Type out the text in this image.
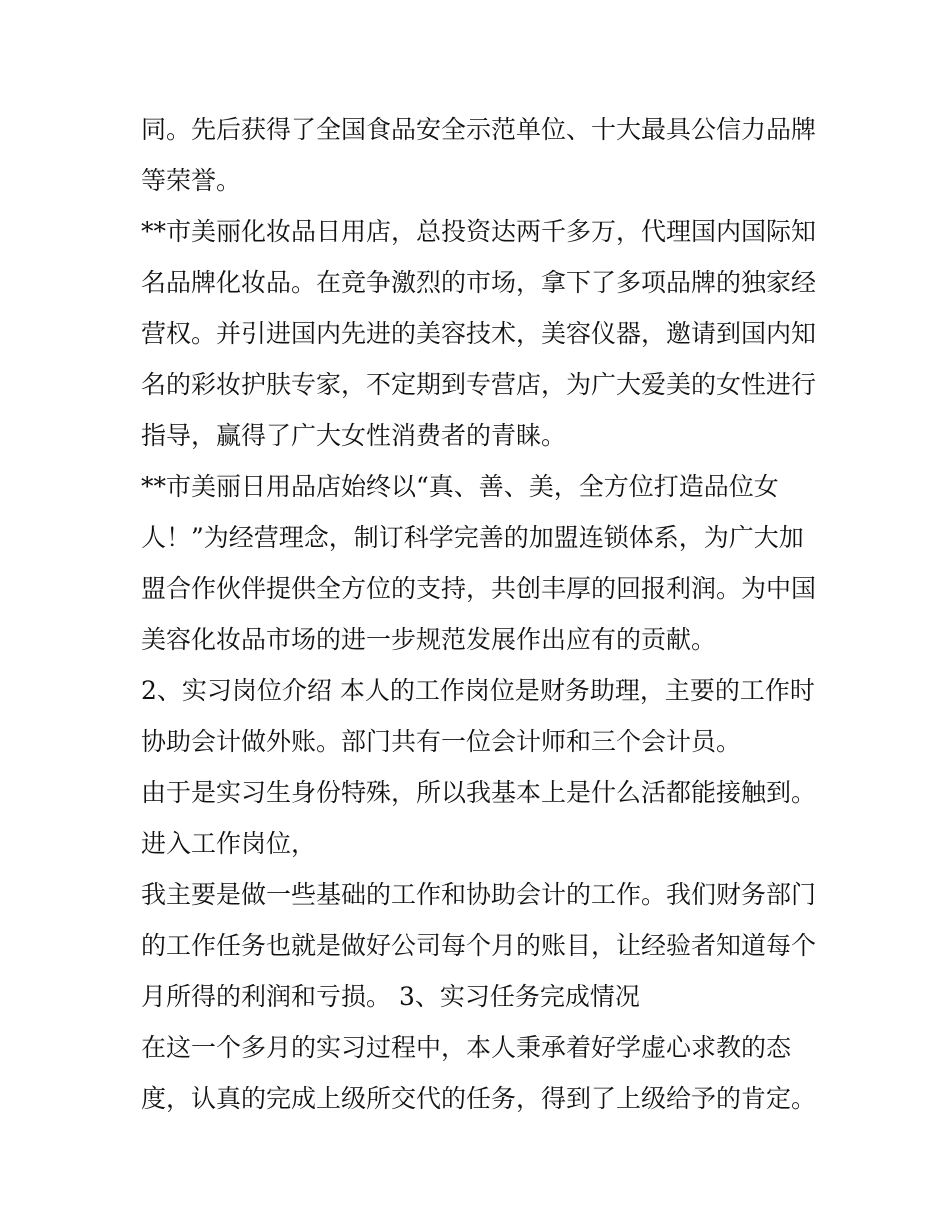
同。先后获得了全国食品安全示范单位、十大最具公信力品牌
等荣誉。
**市美丽化妆品日用店，总投资达两千多万，代理国内国际知
名品牌化妆品。在竞争激烈的市场，拿下了多项品牌的独家经
营权。并引进国内先进的美容技术，美容仪器，邀请到国内知
名的彩妆护肤专家，不定期到专营店，为广大爱美的女性进行
指导，赢得了广大女性消费者的青睐。
**市美丽日用品店始终以“真、善、美，全方位打造品位女
人！”为经营理念，制订科学完善的加盟连锁体系，为广大加
盟合作伙伴提供全方位的支持，共创丰厚的回报利润。为中国
美容化妆品市场的进一步规范发展作出应有的贡献。
2、实习岗位介绍 本人的工作岗位是财务助理，主要的工作时
协助会计做外账。部门共有一位会计师和三个会计员。
由于是实习生身份特殊，所以我基本上是什么活都能接触到。
进入工作岗位，
我主要是做一些基础的工作和协助会计的工作。我们财务部门
的工作任务也就是做好公司每个月的账目，让经验者知道每个
月所得的利润和亏损。 3、实习任务完成情况
在这一个多月的实习过程中，本人秉承着好学虚心求教的态
度，认真的完成上级所交代的任务，得到了上级给予的肯定。
